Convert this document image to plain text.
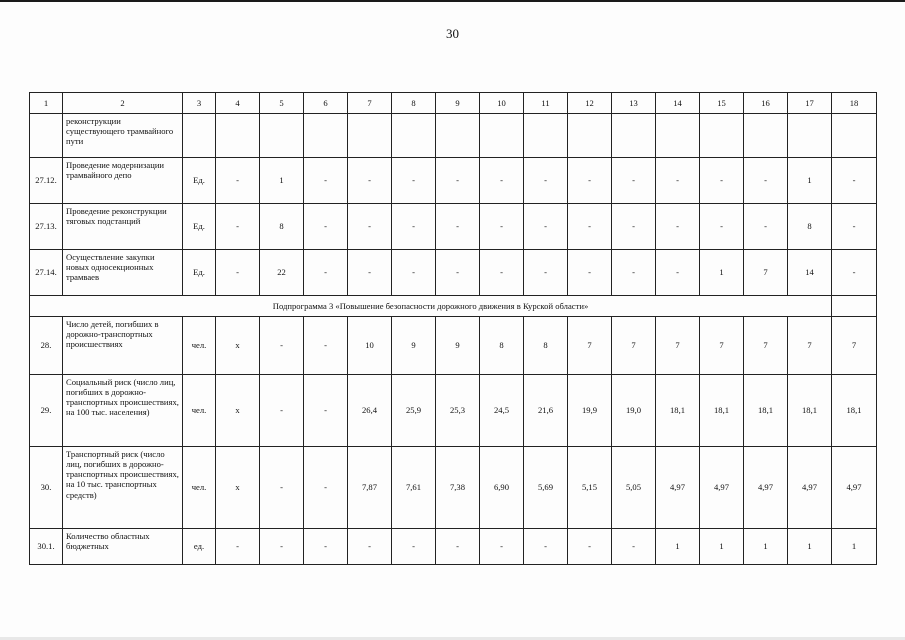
30
1	2	3	4	5	6	7	8	9	10	11	12	13	14	15	16	17	18
	реконструкции существующего трамвайного пути																
27.12.	Проведение модернизации трамвайного депо	Ед.	-	1	-	-	-	-	-	-	-	-	-	-	-	1	-
27.13.	Проведение реконструкции тяговых подстанций	Ед.	-	8	-	-	-	-	-	-	-	-	-	-	-	8	-
27.14.	Осуществление закупки новых односекционных трамваев	Ед.	-	22	-	-	-	-	-	-	-	-	-	1	7	14	-
Подпрограмма 3 «Повышение безопасности дорожного движения в Курской области»																	
28.	Число детей, погибших в дорожно-транспортных происшествиях	чел.	х	-	-	10	9	9	8	8	7	7	7	7	7	7	7
29.	Социальный риск (число лиц, погибших в дорожно-транспортных происшествиях, на 100 тыс. населения)	чел.	х	-	-	26,4	25,9	25,3	24,5	21,6	19,9	19,0	18,1	18,1	18,1	18,1	18,1
30.	Транспортный риск (число лиц, погибших в дорожно-транспортных происшествиях, на 10 тыс. транспортных средств)	чел.	х	-	-	7,87	7,61	7,38	6,90	5,69	5,15	5,05	4,97	4,97	4,97	4,97	4,97
30.1.	Количество областных бюджетных	ед.	-	-	-	-	-	-	-	-	-	-	1	1	1	1	1
